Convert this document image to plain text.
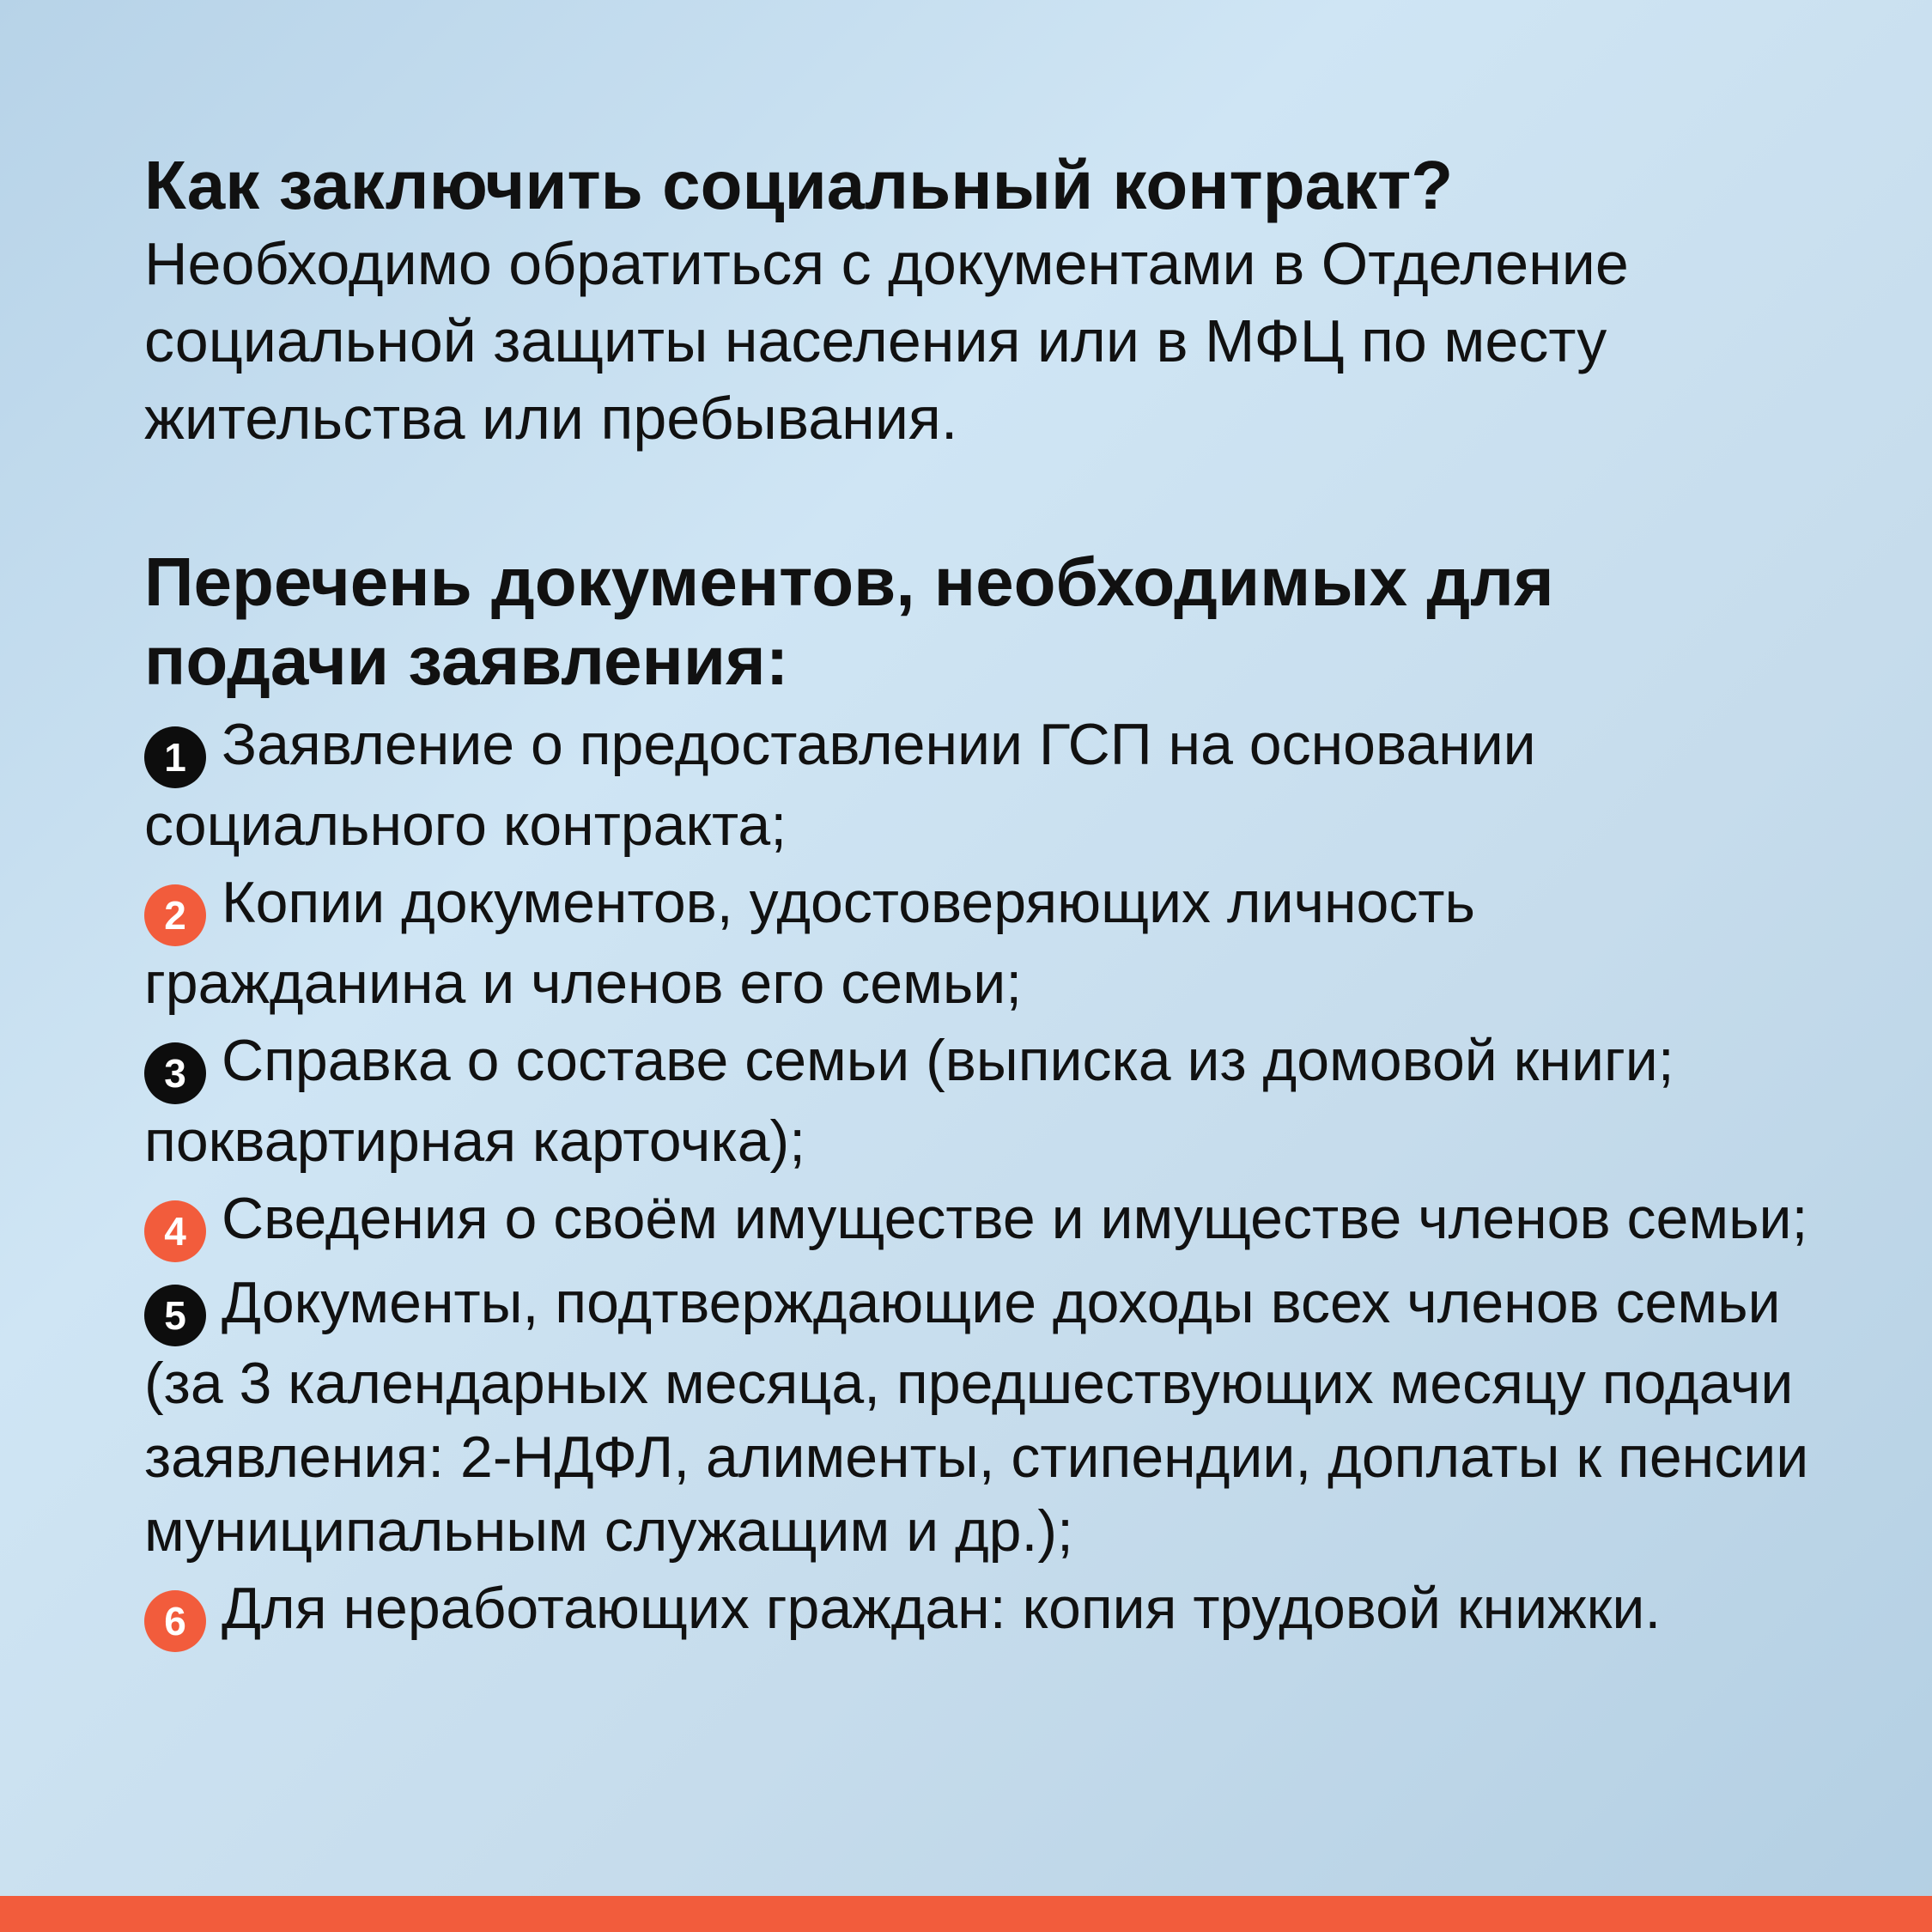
Как заключить социальный контракт?

Необходимо обратиться с документами в Отделение социальной защиты населения или в МФЦ по месту жительства или пребывания.

Перечень документов, необходимых для подачи заявления:

1 Заявление о предоставлении ГСП на основании социального контракта;

2 Копии документов, удостоверяющих личность гражданина и членов его семьи;

3 Справка о составе семьи (выписка из домовой книги; поквартирная карточка);

4 Сведения о своём имуществе и имуществе членов семьи;

5 Документы, подтверждающие доходы всех членов семьи (за 3 календарных месяца, предшествующих месяцу подачи заявления: 2-НДФЛ, алименты, стипендии, доплаты к пенсии муниципальным служащим и др.);

6 Для неработающих граждан: копия трудовой книжки.
